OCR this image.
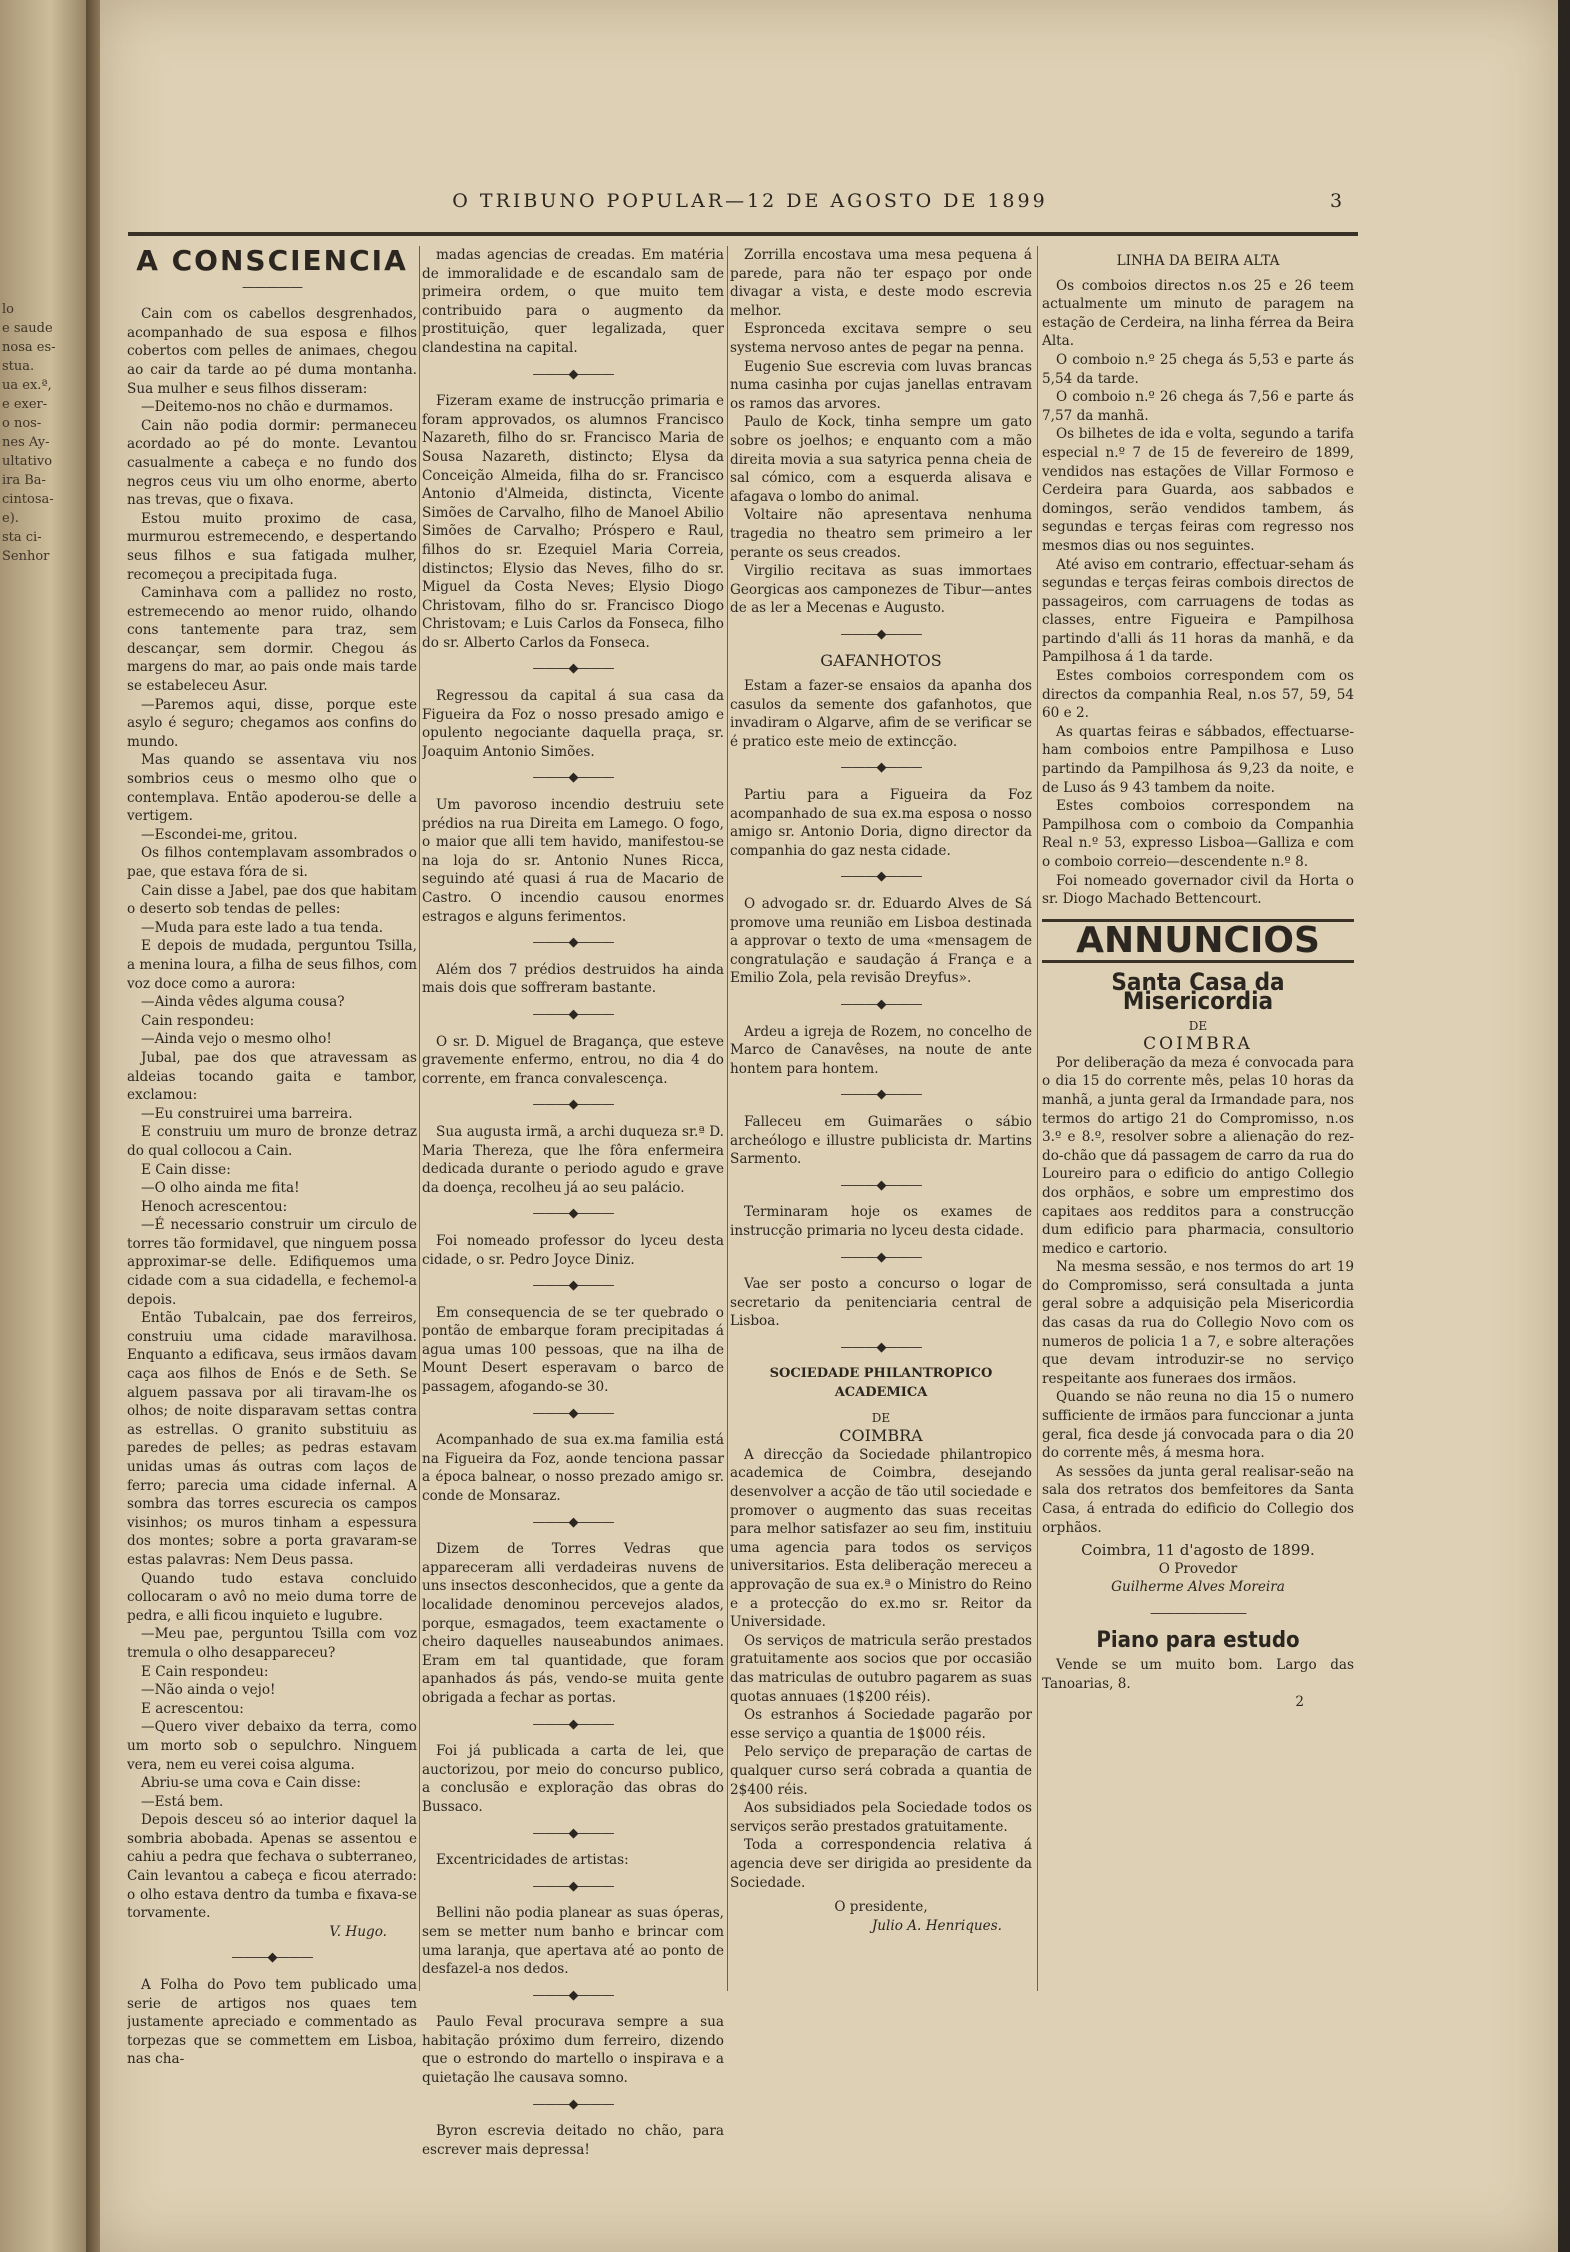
lo
e saude
nosa es-
stua.
ua ex.ª,
e exer-
o nos-
nes Ay-
ultativo
ira Ba-
cintosa-
e).
sta ci-
Senhor
O TRIBUNO POPULAR—12 DE AGOSTO DE 1899	3
A CONSCIENCIA
—————

Cain com os cabellos desgrenhados, acompanhado de sua esposa e filhos cobertos com pelles de animaes, chegou ao cair da tarde ao pé duma montanha. Sua mulher e seus filhos disseram:

—Deitemo-nos no chão e durmamos.

Cain não podia dormir: permaneceu acordado ao pé do monte. Levantou casualmente a cabeça e no fundo dos negros ceus viu um olho enorme, aberto nas trevas, que o fixava.

Estou muito proximo de casa, murmurou estremecendo, e despertando seus filhos e sua fatigada mulher, recomeçou a precipitada fuga.

Caminhava com a pallidez no rosto, estremecendo ao menor ruido, olhando cons tantemente para traz, sem descançar, sem dormir. Chegou ás margens do mar, ao pais onde mais tarde se estabeleceu Asur.

—Paremos aqui, disse, porque este asylo é seguro; chegamos aos confins do mundo.

Mas quando se assentava viu nos sombrios ceus o mesmo olho que o contemplava. Então apoderou-se delle a vertigem.

—Escondei-me, gritou.

Os filhos contemplavam assombrados o pae, que estava fóra de si.

Cain disse a Jabel, pae dos que habitam o deserto sob tendas de pelles:

—Muda para este lado a tua tenda.

E depois de mudada, perguntou Tsilla, a menina loura, a filha de seus filhos, com voz doce como a aurora:

—Ainda vêdes alguma cousa?

Cain respondeu:

—Ainda vejo o mesmo olho!

Jubal, pae dos que atravessam as aldeias tocando gaita e tambor, exclamou:

—Eu construirei uma barreira.

E construiu um muro de bronze detraz do qual collocou a Cain.

E Cain disse:

—O olho ainda me fita!

Henoch acrescentou:

—É necessario construir um circulo de torres tão formidavel, que ninguem possa approximar-se delle. Edifiquemos uma cidade com a sua cidadella, e fechemol-a depois.

Então Tubalcain, pae dos ferreiros, construiu uma cidade maravilhosa. Enquanto a edificava, seus irmãos davam caça aos filhos de Enós e de Seth. Se alguem passava por ali tiravam-lhe os olhos; de noite disparavam settas contra as estrellas. O granito substituiu as paredes de pelles; as pedras estavam unidas umas ás outras com laços de ferro; parecia uma cidade infernal. A sombra das torres escurecia os campos visinhos; os muros tinham a espessura dos montes; sobre a porta gravaram-se estas palavras: Nem Deus passa.

Quando tudo estava concluido collocaram o avô no meio duma torre de pedra, e alli ficou inquieto e lugubre.

—Meu pae, perguntou Tsilla com voz tremula o olho desappareceu?

E Cain respondeu:

—Não ainda o vejo!

E acrescentou:

—Quero viver debaixo da terra, como um morto sob o sepulchro. Ninguem vera, nem eu verei coisa alguma.

Abriu-se uma cova e Cain disse:

—Está bem.

Depois desceu só ao interior daquel la sombria abobada. Apenas se assentou e cahiu a pedra que fechava o subterraneo, Cain levantou a cabeça e ficou aterrado: o olho estava dentro da tumba e fixava-se torvamente.

V. Hugo.
———◆———

A Folha do Povo tem publicado uma serie de artigos nos quaes tem justamente apreciado e commentado as torpezas que se commettem em Lisboa, nas cha-

madas agencias de creadas. Em matéria de immoralidade e de escandalo sam de primeira ordem, o que muito tem contribuido para o augmento da prostituição, quer legalizada, quer clandestina na capital.

———◆———

Fizeram exame de instrucção primaria e foram approvados, os alumnos Francisco Nazareth, filho do sr. Francisco Maria de Sousa Nazareth, distincto; Elysa da Conceição Almeida, filha do sr. Francisco Antonio d'Almeida, distincta, Vicente Simões de Carvalho, filho de Manoel Abilio Simões de Carvalho; Próspero e Raul, filhos do sr. Ezequiel Maria Correia, distinctos; Elysio das Neves, filho do sr. Miguel da Costa Neves; Elysio Diogo Christovam, filho do sr. Francisco Diogo Christovam; e Luis Carlos da Fonseca, filho do sr. Alberto Carlos da Fonseca.

———◆———

Regressou da capital á sua casa da Figueira da Foz o nosso presado amigo e opulento negociante daquella praça, sr. Joaquim Antonio Simões.

———◆———

Um pavoroso incendio destruiu sete prédios na rua Direita em Lamego. O fogo, o maior que alli tem havido, manifestou-se na loja do sr. Antonio Nunes Ricca, seguindo até quasi á rua de Macario de Castro. O incendio causou enormes estragos e alguns ferimentos.

———◆———

Além dos 7 prédios destruidos ha ainda mais dois que soffreram bastante.

———◆———

O sr. D. Miguel de Bragança, que esteve gravemente enfermo, entrou, no dia 4 do corrente, em franca convalescença.

———◆———

Sua augusta irmã, a archi duqueza sr.ª D. Maria Thereza, que lhe fôra enfermeira dedicada durante o periodo agudo e grave da doença, recolheu já ao seu palácio.

———◆———

Foi nomeado professor do lyceu desta cidade, o sr. Pedro Joyce Diniz.

———◆———

Em consequencia de se ter quebrado o pontão de embarque foram precipitadas á agua umas 100 pessoas, que na ilha de Mount Desert esperavam o barco de passagem, afogando-se 30.

———◆———

Acompanhado de sua ex.ma familia está na Figueira da Foz, aonde tenciona passar a época balnear, o nosso prezado amigo sr. conde de Monsaraz.

———◆———

Dizem de Torres Vedras que appareceram alli verdadeiras nuvens de uns insectos desconhecidos, que a gente da localidade denominou percevejos alados, porque, esmagados, teem exactamente o cheiro daquelles nauseabundos animaes. Eram em tal quantidade, que foram apanhados ás pás, vendo-se muita gente obrigada a fechar as portas.

———◆———

Foi já publicada a carta de lei, que auctorizou, por meio do concurso publico, a conclusão e exploração das obras do Bussaco.

———◆———

Excentricidades de artistas:

———◆———

Bellini não podia planear as suas óperas, sem se metter num banho e brincar com uma laranja, que apertava até ao ponto de desfazel-a nos dedos.

———◆———

Paulo Feval procurava sempre a sua habitação próximo dum ferreiro, dizendo que o estrondo do martello o inspirava e a quietação lhe causava somno.

———◆———

Byron escrevia deitado no chão, para escrever mais depressa!

Zorrilla encostava uma mesa pequena á parede, para não ter espaço por onde divagar a vista, e deste modo escrevia melhor.

Espronceda excitava sempre o seu systema nervoso antes de pegar na penna.

Eugenio Sue escrevia com luvas brancas numa casinha por cujas janellas entravam os ramos das arvores.

Paulo de Kock, tinha sempre um gato sobre os joelhos; e enquanto com a mão direita movia a sua satyrica penna cheia de sal cómico, com a esquerda alisava e afagava o lombo do animal.

Voltaire não apresentava nenhuma tragedia no theatro sem primeiro a ler perante os seus creados.

Virgilio recitava as suas immortaes Georgicas aos camponezes de Tibur—antes de as ler a Mecenas e Augusto.

———◆———
GAFANHOTOS

Estam a fazer-se ensaios da apanha dos casulos da semente dos gafanhotos, que invadiram o Algarve, afim de se verificar se é pratico este meio de extincção.

———◆———

Partiu para a Figueira da Foz acompanhado de sua ex.ma esposa o nosso amigo sr. Antonio Doria, digno director da companhia do gaz nesta cidade.

———◆———

O advogado sr. dr. Eduardo Alves de Sá promove uma reunião em Lisboa destinada a approvar o texto de uma «mensagem de congratulação e saudação á França e a Emilio Zola, pela revisão Dreyfus».

———◆———

Ardeu a igreja de Rozem, no concelho de Marco de Canavêses, na noute de ante hontem para hontem.

———◆———

Falleceu em Guimarães o sábio archeólogo e illustre publicista dr. Martins Sarmento.

———◆———

Terminaram hoje os exames de instrucção primaria no lyceu desta cidade.

———◆———

Vae ser posto a concurso o logar de secretario da penitenciaria central de Lisboa.

———◆———
SOCIEDADE PHILANTROPICO ACADEMICA
DE
COIMBRA

A direcção da Sociedade philantropico academica de Coimbra, desejando desenvolver a acção de tão util sociedade e promover o augmento das suas receitas para melhor satisfazer ao seu fim, instituiu uma agencia para todos os serviços universitarios. Esta deliberação mereceu a approvação de sua ex.ª o Ministro do Reino e a protecção do ex.mo sr. Reitor da Universidade.

Os serviços de matricula serão prestados gratuitamente aos socios que por occasião das matriculas de outubro pagarem as suas quotas annuaes (1$200 réis).

Os estranhos á Sociedade pagarão por esse serviço a quantia de 1$000 réis.

Pelo serviço de preparação de cartas de qualquer curso será cobrada a quantia de 2$400 réis.

Aos subsidiados pela Sociedade todos os serviços serão prestados gratuitamente.

Toda a correspondencia relativa á agencia deve ser dirigida ao presidente da Sociedade.

O presidente,
Julio A. Henriques.
LINHA DA BEIRA ALTA

Os comboios directos n.os 25 e 26 teem actualmente um minuto de paragem na estação de Cerdeira, na linha férrea da Beira Alta.

O comboio n.º 25 chega ás 5,53 e parte ás 5,54 da tarde.

O comboio n.º 26 chega ás 7,56 e parte ás 7,57 da manhã.

Os bilhetes de ida e volta, segundo a tarifa especial n.º 7 de 15 de fevereiro de 1899, vendidos nas estações de Villar Formoso e Cerdeira para Guarda, aos sabbados e domingos, serão vendidos tambem, ás segundas e terças feiras com regresso nos mesmos dias ou nos seguintes.

Até aviso em contrario, effectuar-seham ás segundas e terças feiras combois directos de passageiros, com carruagens de todas as classes, entre Figueira e Pampilhosa partindo d'alli ás 11 horas da manhã, e da Pampilhosa á 1 da tarde.

Estes comboios correspondem com os directos da companhia Real, n.os 57, 59, 54 60 e 2.

As quartas feiras e sábbados, effectuarse-ham comboios entre Pampilhosa e Luso partindo da Pampilhosa ás 9,23 da noite, e de Luso ás 9 43 tambem da noite.

Estes comboios correspondem na Pampilhosa com o comboio da Companhia Real n.º 53, expresso Lisboa—Galliza e com o comboio correio—descendente n.º 8.

Foi nomeado governador civil da Horta o sr. Diogo Machado Bettencourt.

ANNUNCIOS
Santa Casa da Misericordia
DE
COIMBRA

Por deliberação da meza é convocada para o dia 15 do corrente mês, pelas 10 horas da manhã, a junta geral da Irmandade para, nos termos do artigo 21 do Compromisso, n.os 3.º e 8.º, resolver sobre a alienação do rez-do-chão que dá passagem de carro da rua do Loureiro para o edificio do antigo Collegio dos orphãos, e sobre um emprestimo dos capitaes aos redditos para a construcção dum edificio para pharmacia, consultorio medico e cartorio.

Na mesma sessão, e nos termos do art 19 do Compromisso, será consultada a junta geral sobre a adquisição pela Misericordia das casas da rua do Collegio Novo com os numeros de policia 1 a 7, e sobre alterações que devam introduzir-se no serviço respeitante aos funeraes dos irmãos.

Quando se não reuna no dia 15 o numero sufficiente de irmãos para funccionar a junta geral, fica desde já convocada para o dia 20 do corrente mês, á mesma hora.

As sessões da junta geral realisar-seão na sala dos retratos dos bemfeitores da Santa Casa, á entrada do edificio do Collegio dos orphãos.

Coimbra, 11 d'agosto de 1899.
O Provedor
Guilherme Alves Moreira
————————
Piano para estudo

Vende se um muito bom. Largo das Tanoarias, 8.

2
